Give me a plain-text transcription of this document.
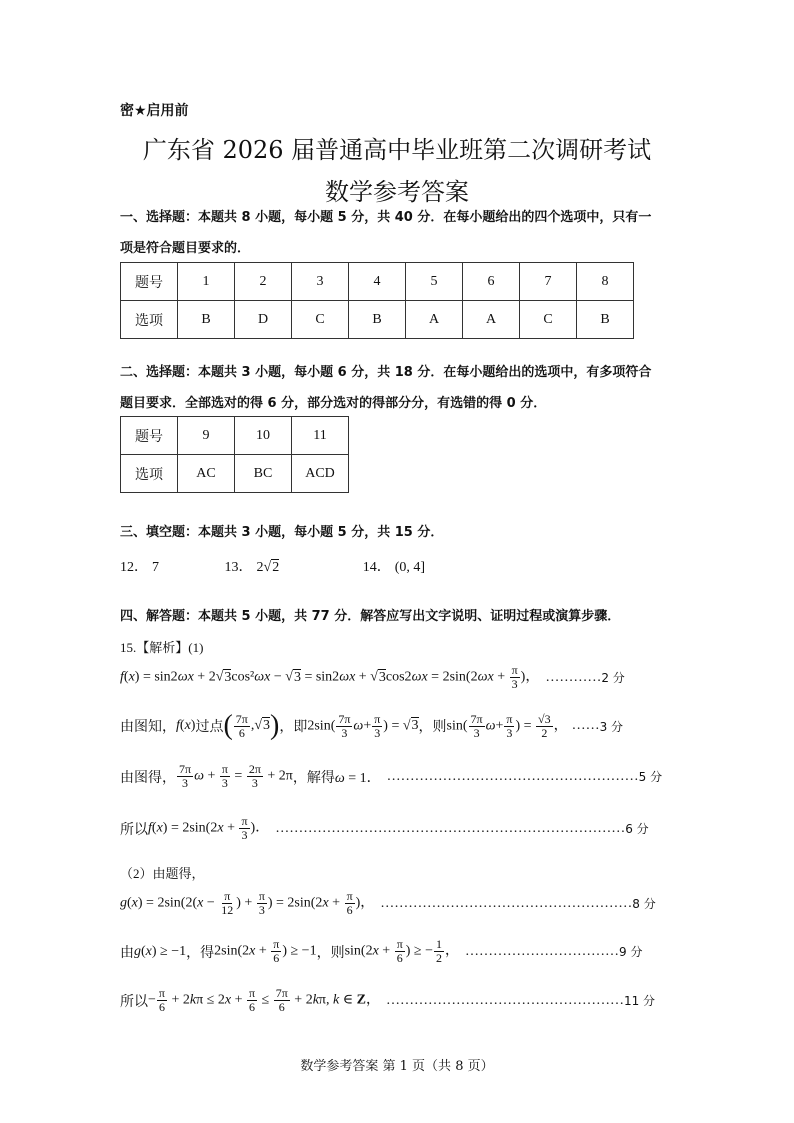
密★启用前
广东省 2026 届普通高中毕业班第二次调研考试
数学参考答案
一、选择题：本题共 8 小题，每小题 5 分，共 40 分．在每小题给出的四个选项中，只有一
项是符合题目要求的．
题号	1	2	3	4	5	6	7	8
选项	B	D	C	B	A	A	C	B
二、选择题：本题共 3 小题，每小题 6 分，共 18 分．在每小题给出的选项中，有多项符合
题目要求．全部选对的得 6 分，部分选对的得部分分，有选错的得 0 分．
题号	9	10	11
选项	AC	BC	ACD
三、填空题：本题共 3 小题，每小题 5 分，共 15 分．
12． 7	13． 2√2	14． (0, 4]
四、解答题：本题共 5 小题，共 77 分．解答应写出文字说明、证明过程或演算步骤．
15.【解析】(1)
$f(x) = \sin 2\omega x + 2√3\cos^2\omega x - √3 = \sin 2\omega x + √3\cos 2\omega x = 2\sin(2\omega x + \frac{\pi}{3}$ )， ………… 2 分
由图知， f(x) 过点 ( $\frac{7\pi}{6} ,√3$ ) ，即 $2\sin( \frac{7\pi}{3} \omega+ \frac{\pi}{3}$ ) = √3 ，则 $\sin( \frac{7\pi}{3} \omega+ \frac{\pi}{3}$ ) = $\frac{√3}{2}$ ， …… 3 分
由图得， $\frac{7\pi}{3}$ $\omega + \frac{\pi}{3} = \frac{2\pi}{3} + 2\pi$ ，解得 ω = 1． ……………………………………………… 5 分
所以 $f(x) = 2\sin(2x + \frac{\pi}{3}$ )． ………………………………………………………………… 6 分
（2）由题得，
$g(x) = 2\sin(2(x - \frac{\pi}{12}$ ) + $\frac{\pi}{3}$ ) = $2\sin(2x + \frac{\pi}{6}$ )， ……………………………………………… 8 分
由 g(x) ≥ −1 ，得 $2\sin(2x + \frac{\pi}{6}$ ) ≥ −1 ，则 $\sin(2x + \frac{\pi}{6}$ ) ≥ − $\frac{1}{2}$ ， …………………………… 9 分
所以 − $\frac{\pi}{6} + 2k\pi \le 2x + \frac{\pi}{6} \le \frac{7\pi}{6} + 2k\pi$, k ∈ Z， …………………………………………… 11 分
数学参考答案 第 1 页（共 8 页）
